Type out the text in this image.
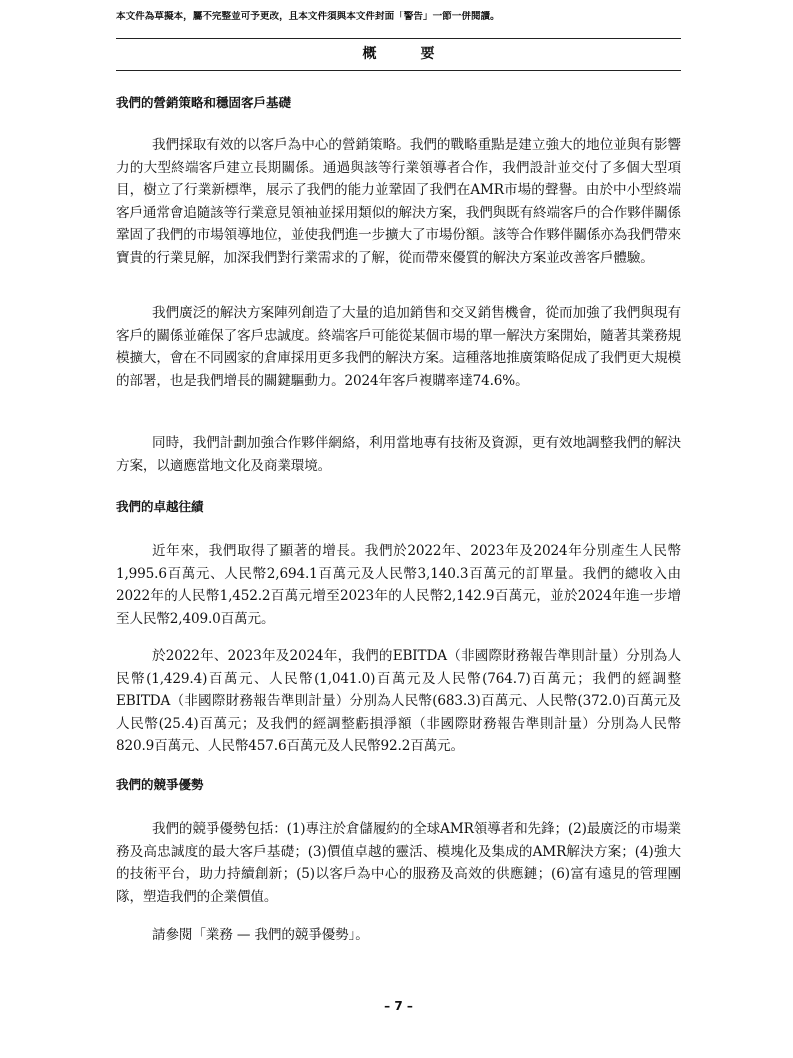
本文件為草擬本，屬不完整並可予更改，且本文件須與本文件封面「警告」一節一併閱讀。
概　要
我們的營銷策略和穩固客戶基礎
我們採取有效的以客戶為中心的營銷策略。我們的戰略重點是建立強大的地位並與有影響力的大型終端客戶建立長期關係。通過與該等行業領導者合作，我們設計並交付了多個大型項目，樹立了行業新標準，展示了我們的能力並鞏固了我們在AMR市場的聲譽。由於中小型終端客戶通常會追隨該等行業意見領袖並採用類似的解決方案，我們與既有終端客戶的合作夥伴關係鞏固了我們的市場領導地位，並使我們進一步擴大了市場份額。該等合作夥伴關係亦為我們帶來寶貴的行業見解，加深我們對行業需求的了解，從而帶來優質的解決方案並改善客戶體驗。
我們廣泛的解決方案陣列創造了大量的追加銷售和交叉銷售機會，從而加強了我們與現有客戶的關係並確保了客戶忠誠度。終端客戶可能從某個市場的單一解決方案開始，隨著其業務規模擴大，會在不同國家的倉庫採用更多我們的解決方案。這種落地推廣策略促成了我們更大規模的部署，也是我們增長的關鍵驅動力。2024年客戶複購率達74.6%。
同時，我們計劃加強合作夥伴網絡，利用當地專有技術及資源，更有效地調整我們的解決方案，以適應當地文化及商業環境。
我們的卓越往績
近年來，我們取得了顯著的增長。我們於2022年、2023年及2024年分別產生人民幣1,995.6百萬元、人民幣2,694.1百萬元及人民幣3,140.3百萬元的訂單量。我們的總收入由2022年的人民幣1,452.2百萬元增至2023年的人民幣2,142.9百萬元，並於2024年進一步增至人民幣2,409.0百萬元。
於2022年、2023年及2024年，我們的EBITDA（非國際財務報告準則計量）分別為人民幣(1,429.4)百萬元、人民幣(1,041.0)百萬元及人民幣(764.7)百萬元；我們的經調整EBITDA（非國際財務報告準則計量）分別為人民幣(683.3)百萬元、人民幣(372.0)百萬元及人民幣(25.4)百萬元；及我們的經調整虧損淨額（非國際財務報告準則計量）分別為人民幣820.9百萬元、人民幣457.6百萬元及人民幣92.2百萬元。
我們的競爭優勢
我們的競爭優勢包括：(1)專注於倉儲履約的全球AMR領導者和先鋒；(2)最廣泛的市場業務及高忠誠度的最大客戶基礎；(3)價值卓越的靈活、模塊化及集成的AMR解決方案；(4)強大的技術平台，助力持續創新；(5)以客戶為中心的服務及高效的供應鏈；(6)富有遠見的管理團隊，塑造我們的企業價值。
請參閱「業務 — 我們的競爭優勢」。
– 7 –
